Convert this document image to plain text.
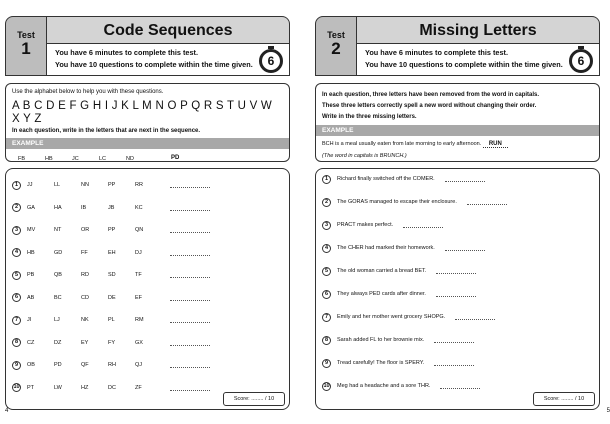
Test
1
Code Sequences
You have 6 minutes to complete this test.
You have 10 questions to complete within the time given.	6

Use the alphabet below to help you with these questions.

A B C D E F G H I J K L M N O P Q R S T U V W X Y Z

In each question, write in the letters that are next in the sequence.

EXAMPLE
FB	HB	JC	LC	ND	PD
1	JJ	LL	NN	PP	RR
2	GA	HA	IB	JB	KC
3	MV	NT	OR	PP	QN
4	HB	GD	FF	EH	DJ
5	PB	QB	RD	SD	TF
6	AB	BC	CD	DE	EF
7	JI	LJ	NK	PL	RM
8	CZ	DZ	EY	FY	GX
9	OB	PD	QF	RH	QJ
10 PT	LW	HZ	DC	ZF
Score: ........ / 10
4
Test
2
Missing Letters
You have 6 minutes to complete this test.
You have 10 questions to complete within the time given.	6

In each question, three letters have been removed from the word in capitals.

These three letters correctly spell a new word without changing their order.

Write in the three missing letters.

EXAMPLE
BCH is a meal usually eaten from late morning to early afternoon. RUN
(The word in capitals is BRUNCH.)
1	Richard finally switched off the COMER.
2	The GORAS managed to escape their enclosure.
3	PRACT makes perfect.
4	The CHER had marked their homework.
5	The old woman carried a bread BET.
6	They always PED cards after dinner.
7	Emily and her mother went grocery SHOPG.
8	Sarah added FL to her brownie mix.
9	Tread carefully! The floor is SPERY.
10 Meg had a headache and a sore THR.
Score: ........ / 10
5
